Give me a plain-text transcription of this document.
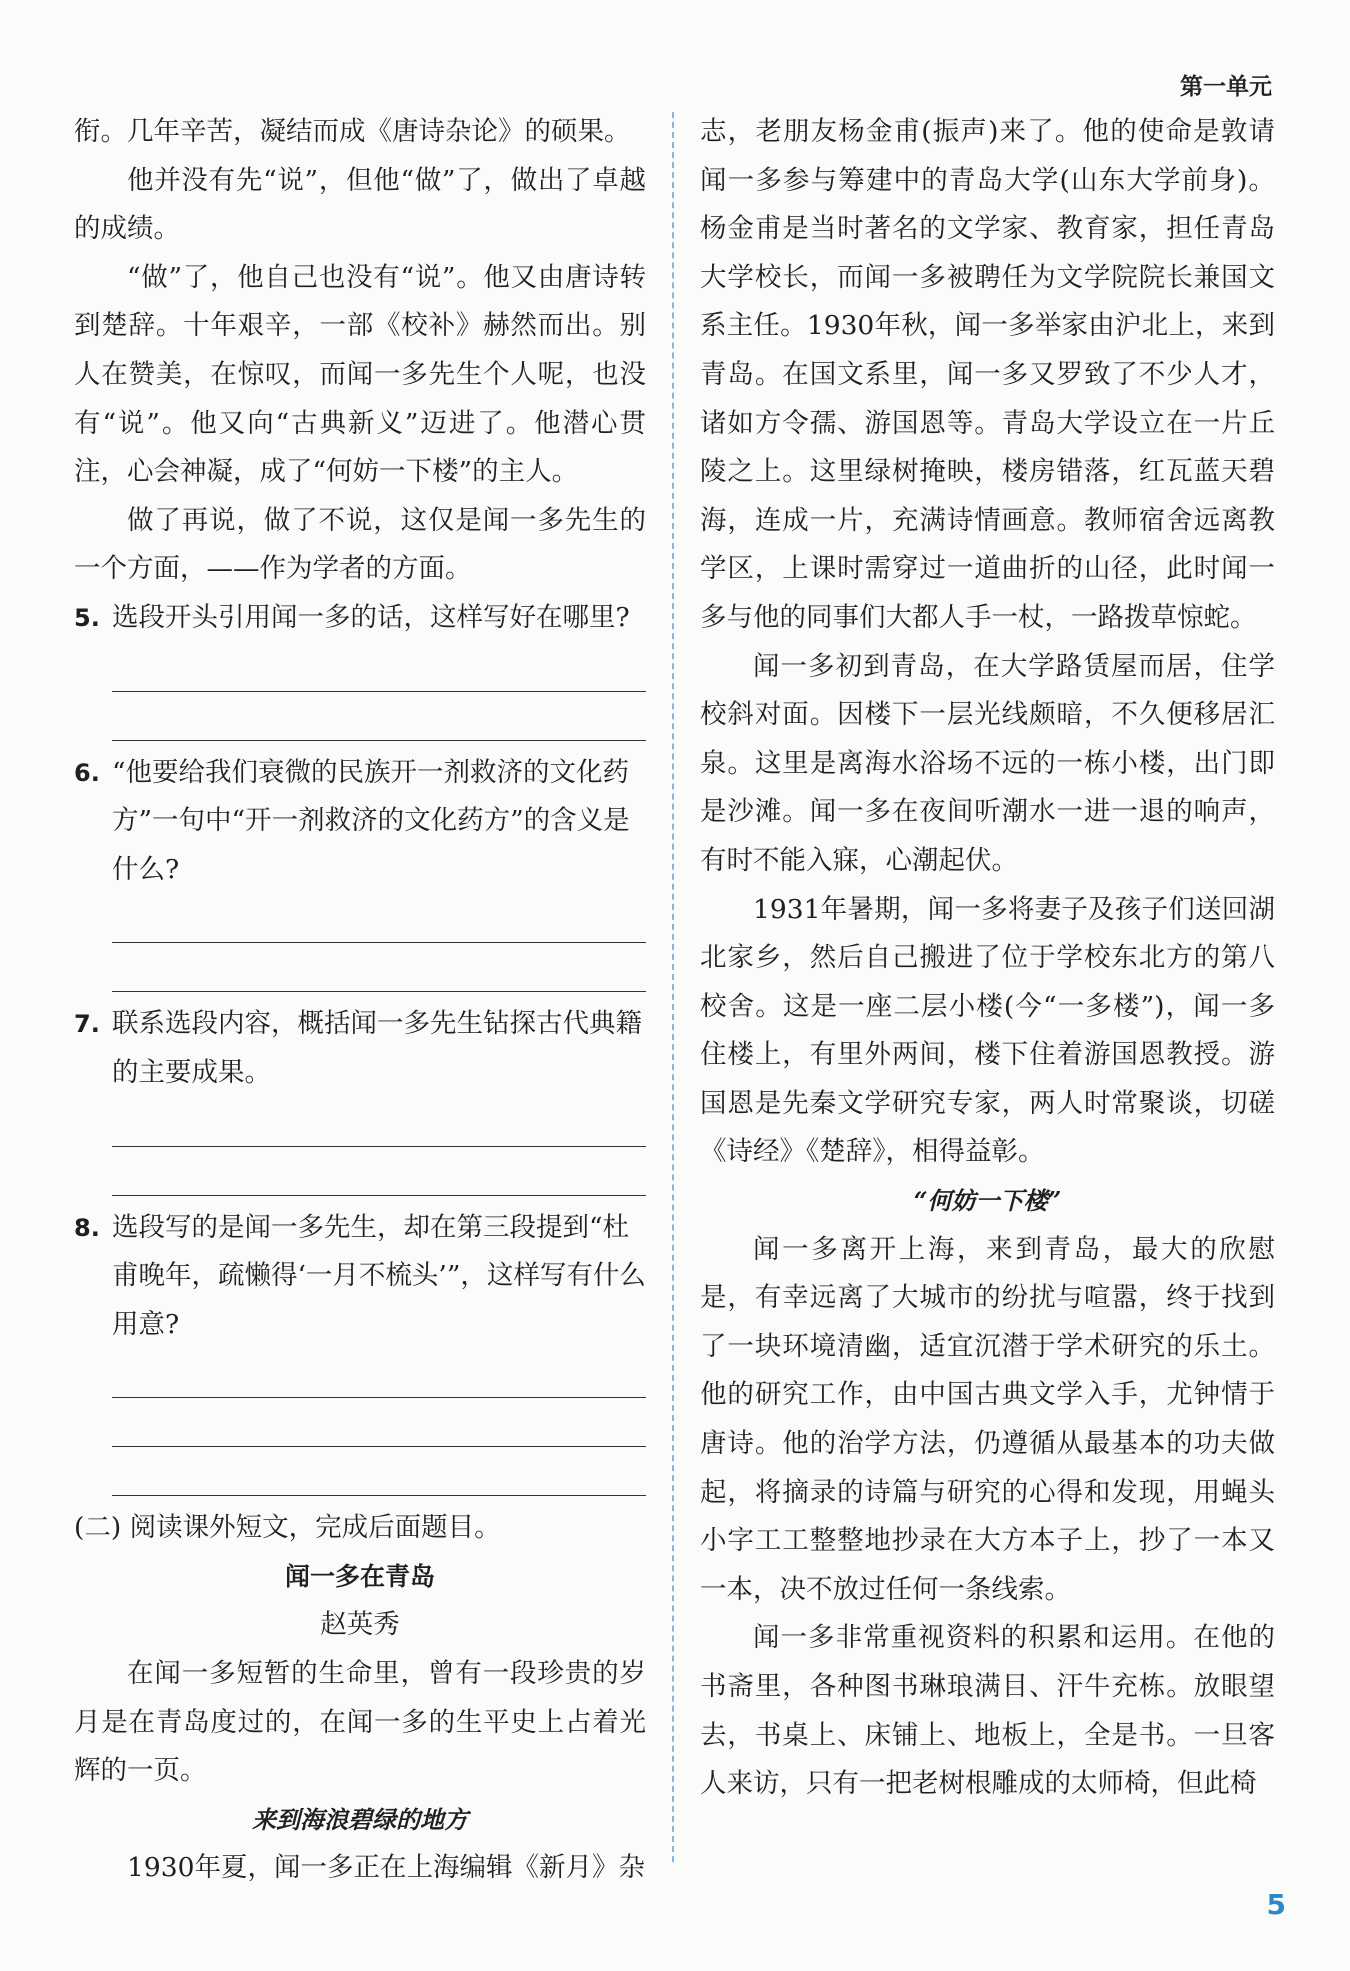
第一单元

衔。几年辛苦，凝结而成《唐诗杂论》的硕果。

他并没有先“说”，但他“做”了，做出了卓越的成绩。

“做”了，他自己也没有“说”。他又由唐诗转到楚辞。十年艰辛，一部《校补》赫然而出。别人在赞美，在惊叹，而闻一多先生个人呢，也没有“说”。他又向“古典新义”迈进了。他潜心贯注，心会神凝，成了“何妨一下楼”的主人。

做了再说，做了不说，这仅是闻一多先生的一个方面，——作为学者的方面。

5. 选段开头引用闻一多的话，这样写好在哪里?
6. “他要给我们衰微的民族开一剂救济的文化药方”一句中“开一剂救济的文化药方”的含义是什么?
7. 联系选段内容，概括闻一多先生钻探古代典籍的主要成果。
8. 选段写的是闻一多先生，却在第三段提到“杜甫晚年，疏懒得‘一月不梳头’”，这样写有什么用意?

(二) 阅读课外短文，完成后面题目。

闻一多在青岛

赵英秀

在闻一多短暂的生命里，曾有一段珍贵的岁月是在青岛度过的，在闻一多的生平史上占着光辉的一页。

来到海浪碧绿的地方

1930年夏，闻一多正在上海编辑《新月》杂

志，老朋友杨金甫(振声)来了。他的使命是敦请闻一多参与筹建中的青岛大学(山东大学前身)。杨金甫是当时著名的文学家、教育家，担任青岛大学校长，而闻一多被聘任为文学院院长兼国文系主任。1930年秋，闻一多举家由沪北上，来到青岛。在国文系里，闻一多又罗致了不少人才，诸如方令孺、游国恩等。青岛大学设立在一片丘陵之上。这里绿树掩映，楼房错落，红瓦蓝天碧海，连成一片，充满诗情画意。教师宿舍远离教学区，上课时需穿过一道曲折的山径，此时闻一多与他的同事们大都人手一杖，一路拨草惊蛇。

闻一多初到青岛，在大学路赁屋而居，住学校斜对面。因楼下一层光线颇暗，不久便移居汇泉。这里是离海水浴场不远的一栋小楼，出门即是沙滩。闻一多在夜间听潮水一进一退的响声，有时不能入寐，心潮起伏。

1931年暑期，闻一多将妻子及孩子们送回湖北家乡，然后自己搬进了位于学校东北方的第八校舍。这是一座二层小楼(今“一多楼”)，闻一多住楼上，有里外两间，楼下住着游国恩教授。游国恩是先秦文学研究专家，两人时常聚谈，切磋《诗经》《楚辞》，相得益彰。

“何妨一下楼”

闻一多离开上海，来到青岛，最大的欣慰是，有幸远离了大城市的纷扰与喧嚣，终于找到了一块环境清幽，适宜沉潜于学术研究的乐土。他的研究工作，由中国古典文学入手，尤钟情于唐诗。他的治学方法，仍遵循从最基本的功夫做起，将摘录的诗篇与研究的心得和发现，用蝇头小字工工整整地抄录在大方本子上，抄了一本又一本，决不放过任何一条线索。

闻一多非常重视资料的积累和运用。在他的书斋里，各种图书琳琅满目、汗牛充栋。放眼望去，书桌上、床铺上、地板上，全是书。一旦客人来访，只有一把老树根雕成的太师椅，但此椅

5
